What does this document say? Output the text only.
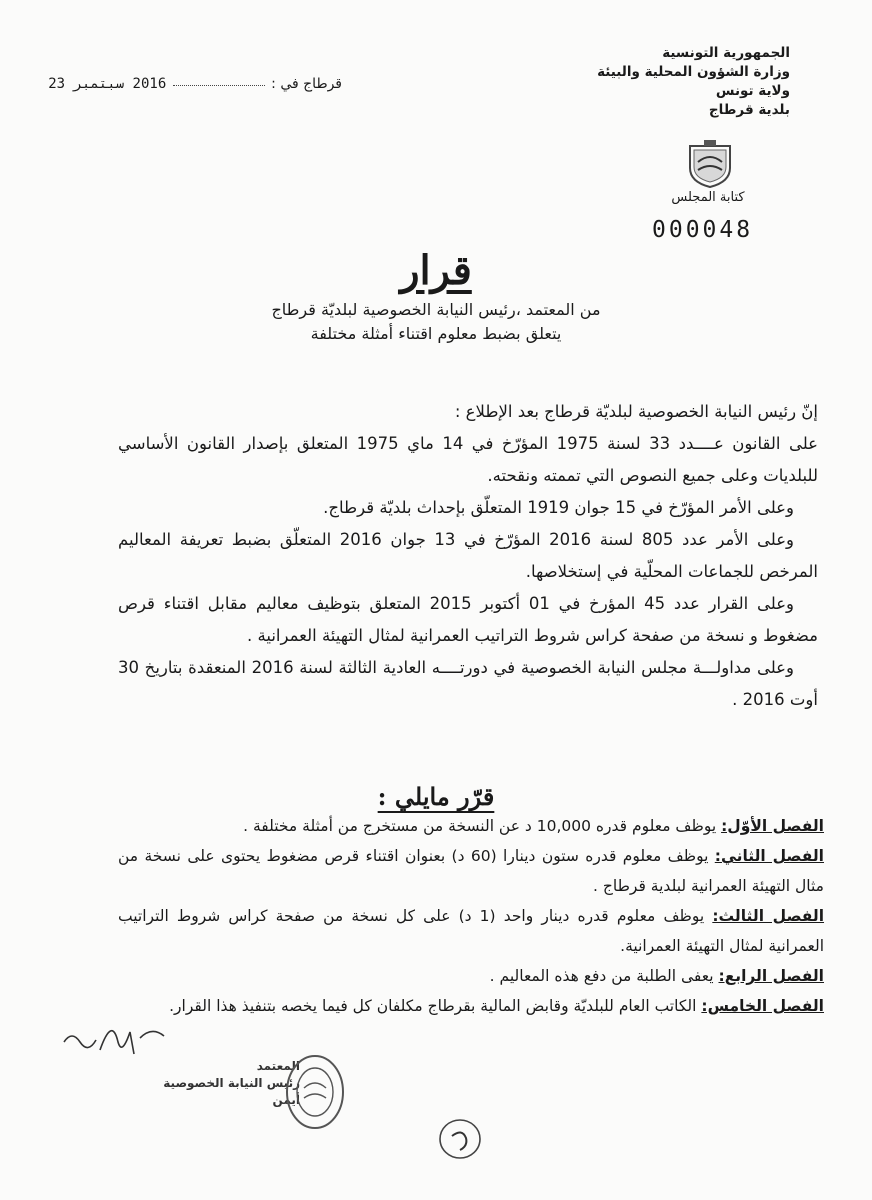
قرطاج في :  2016 سبتمبر 23
الجمهورية التونسية
وزارة الشؤون المحلية والبيئة
ولاية تونس
بلدية قرطاج
كتابة المجلس
000048
قرار
من المعتمد ،رئيس النيابة الخصوصية لبلديّة قرطاج
يتعلق بضبط معلوم اقتناء أمثلة مختلفة

إنّ رئيس النيابة الخصوصية لبلديّة قرطاج بعد الإطلاع :

على القانون عــــدد 33 لسنة 1975 المؤرّخ في 14 ماي 1975 المتعلق بإصدار القانون الأساسي للبلديات وعلى جميع النصوص التي تممته ونقحته.

وعلى الأمر المؤرّخ في 15 جوان 1919 المتعلّق بإحداث بلديّة قرطاج.

وعلى الأمر عدد 805 لسنة 2016 المؤرّخ في 13 جوان 2016 المتعلّق بضبط تعريفة المعاليم المرخص للجماعات المحلّية في إستخلاصها.

وعلى القرار عدد 45 المؤرخ في 01 أكتوبر 2015 المتعلق بتوظيف معاليم مقابل اقتناء قرص مضغوط و نسخة من صفحة كراس شروط التراتيب العمرانية لمثال التهيئة العمرانية .

وعلى مداولـــة مجلس النيابة الخصوصية في دورتــــه العادية الثالثة لسنة 2016 المنعقدة بتاريخ 30 أوت 2016 .

قرّر مايلي :

الفصل الأوّل: يوظف معلوم قدره 10,000 د عن النسخة من مستخرج من أمثلة مختلفة .

الفصل الثاني: يوظف معلوم قدره ستون دينارا (60 د) بعنوان اقتناء قرص مضغوط يحتوى على نسخة من مثال التهيئة العمرانية لبلدية قرطاج .

الفصل الثالث: يوظف معلوم قدره دينار واحد (1 د) على كل نسخة من صفحة كراس شروط التراتيب العمرانية لمثال التهيئة العمرانية.

الفصل الرابع: يعفى الطلبة من دفع هذه المعاليم .

الفصل الخامس: الكاتب العام للبلديّة وقابض المالية بقرطاج مكلفان كل فيما يخصه بتنفيذ هذا القرار.

المعتمد
رئيس النيابة الخصوصية
أيمن
